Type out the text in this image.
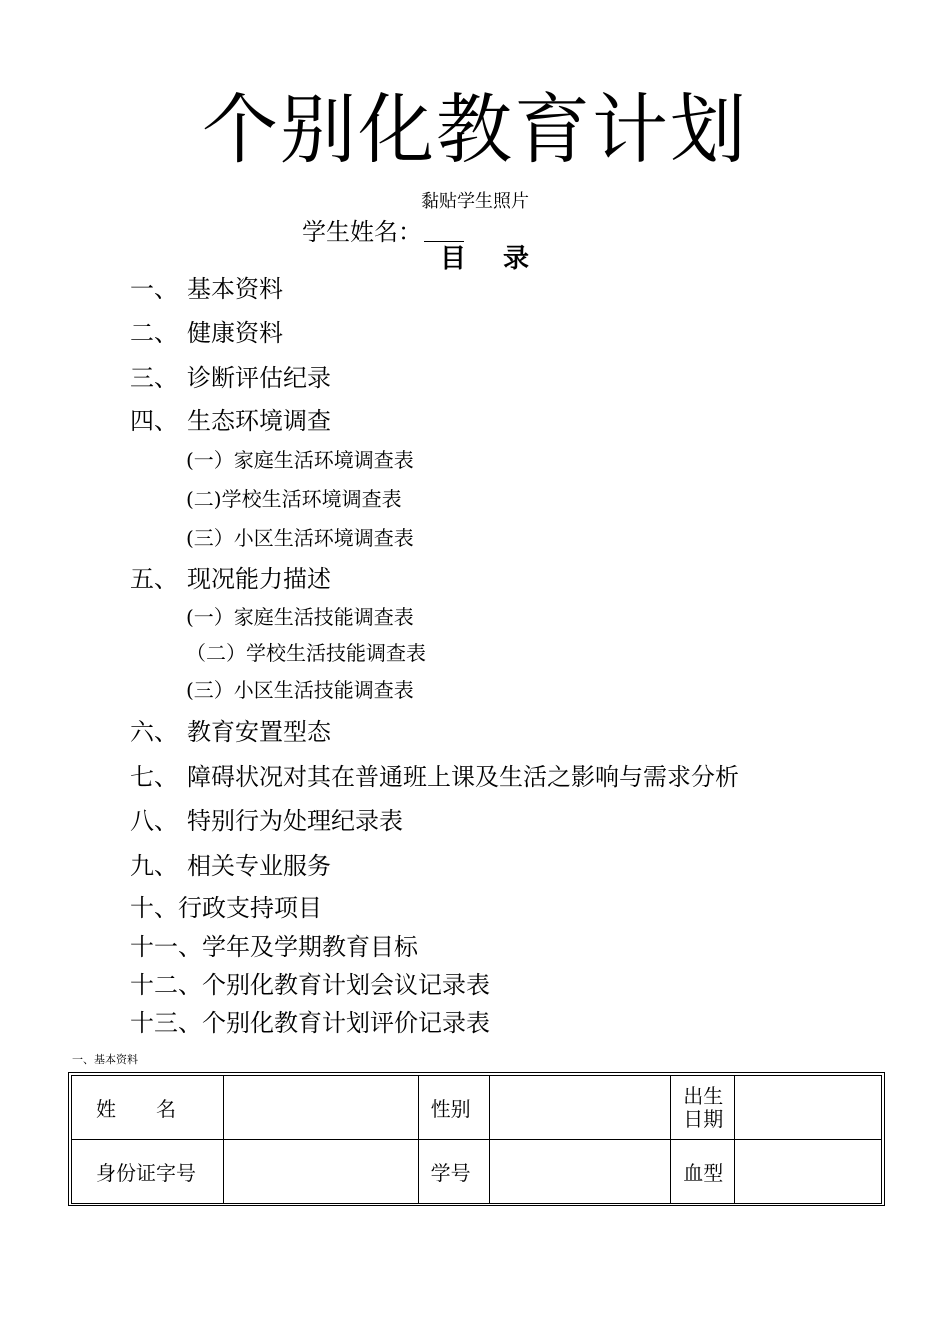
个别化教育计划
黏贴学生照片
学生姓名：
目 录
一、 基本资料
二、 健康资料
三、 诊断评估纪录
四、 生态环境调查
(一）家庭生活环境调查表
(二)学校生活环境调查表
(三）小区生活环境调查表
五、 现况能力描述
(一）家庭生活技能调查表
（二）学校生活技能调查表
(三）小区生活技能调查表
六、 教育安置型态
七、 障碍状况对其在普通班上课及生活之影响与需求分析
八、 特别行为处理纪录表
九、 相关专业服务
十、行政支持项目
十一、学年及学期教育目标
十二、个别化教育计划会议记录表
十三、个别化教育计划评价记录表
一、基本资料
姓　　名		性别		出生
日期	

身份证字号		学号		血型	
